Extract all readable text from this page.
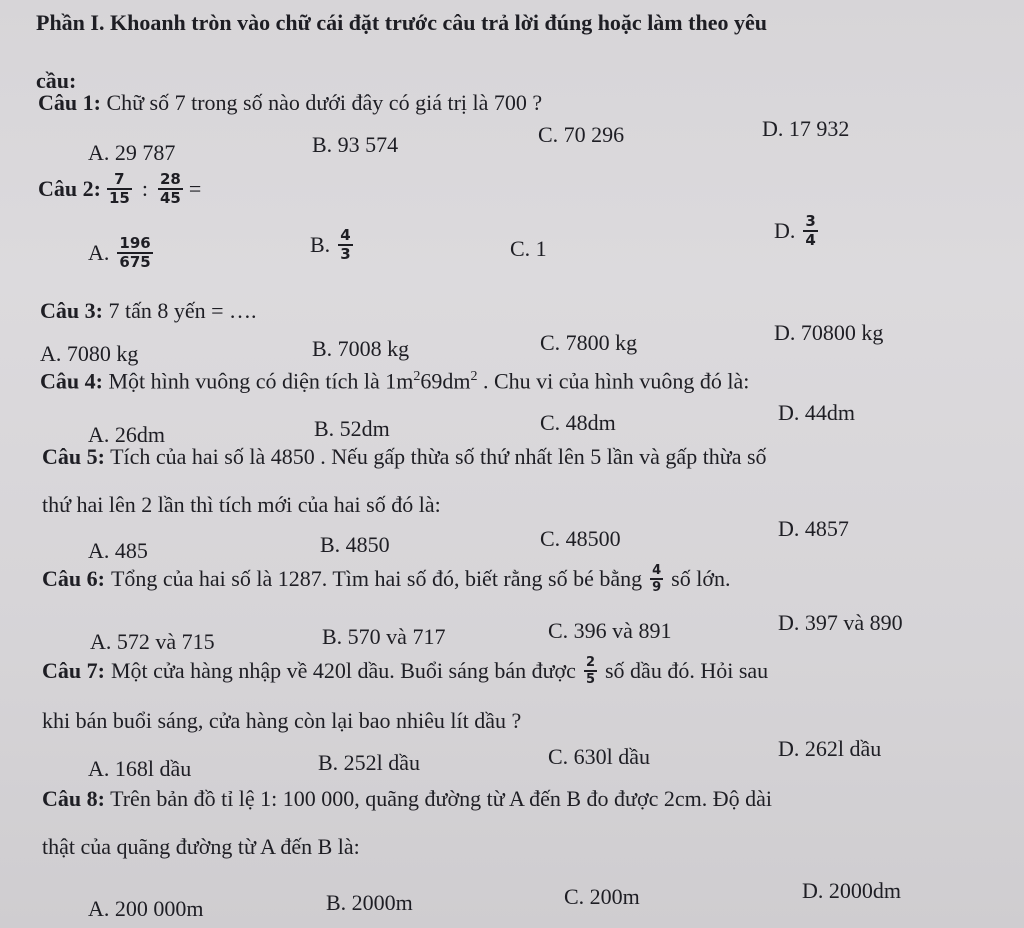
Phần I. Khoanh tròn vào chữ cái đặt trước câu trả lời đúng hoặc làm theo yêu
cầu:
Câu 1: Chữ số 7 trong số nào dưới đây có giá trị là 700 ?
A. 29 787	B. 93 574	C. 70 296	D. 17 932
Câu 2: $\frac{7}{15}$ : $\frac{28}{45}$ =
A. $\frac{196}{675}$	B. $\frac{4}{3}$	C. 1
D. $\frac{3}{4}$
Câu 3: 7 tấn 8 yến = ….
A. 7080 kg	B. 7008 kg	C. 7800 kg	D. 70800 kg
Câu 4: Một hình vuông có diện tích là $1m^269dm^2$ . Chu vi của hình vuông đó là:
A. 26dm	B. 52dm	C. 48dm	D. 44dm
Câu 5: Tích của hai số là 4850 . Nếu gấp thừa số thứ nhất lên 5 lần và gấp thừa số
thứ hai lên 2 lần thì tích mới của hai số đó là:
A. 485	B. 4850	C. 48500	D. 4857
Câu 6: Tổng của hai số là 1287. Tìm hai số đó, biết rằng số bé bằng $\frac{4}{9}$ số lớn.
A. 572 và 715	B. 570 và 717	C. 396 và 891	D. 397 và 890
Câu 7: Một cửa hàng nhập về 420l dầu. Buổi sáng bán được $\frac{2}{5}$ số dầu đó. Hỏi sau
khi bán buổi sáng, cửa hàng còn lại bao nhiêu lít dầu ?
A. 168l dầu	B. 252l dầu	C. 630l dầu	D. 262l dầu
Câu 8: Trên bản đồ tỉ lệ 1: 100 000, quãng đường từ A đến B đo được 2cm. Độ dài
thật của quãng đường từ A đến B là:
A. 200 000m	B. 2000m	C. 200m	D. 2000dm
